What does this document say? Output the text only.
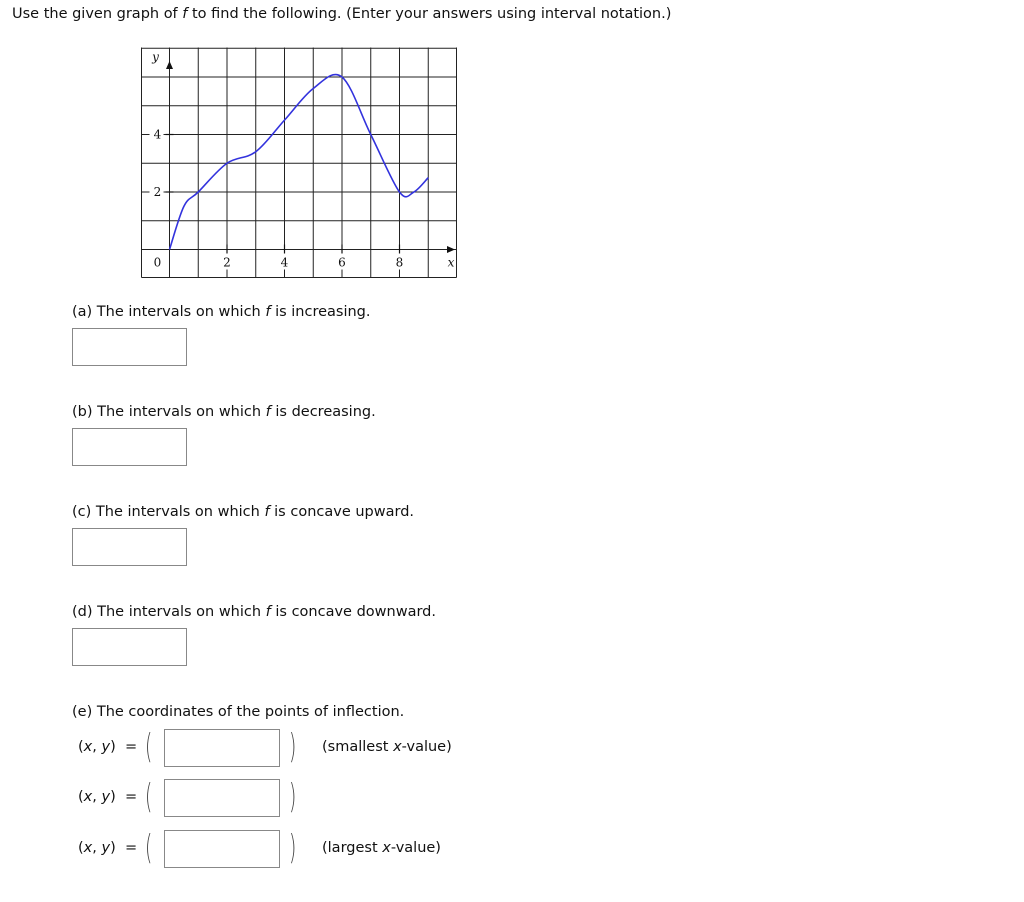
Use the given graph of f to find the following. (Enter your answers using interval notation.)
2	4	6	8
2
4
0
y
x
(a) The intervals on which f is increasing.
(b) The intervals on which f is decreasing.
(c) The intervals on which f is concave upward.
(d) The intervals on which f is concave downward.
(e) The coordinates of the points of inflection.
(x, y)  = (	) (smallest x-value)
(x, y)  = (	)
(x, y)  = (	) (largest x-value)
